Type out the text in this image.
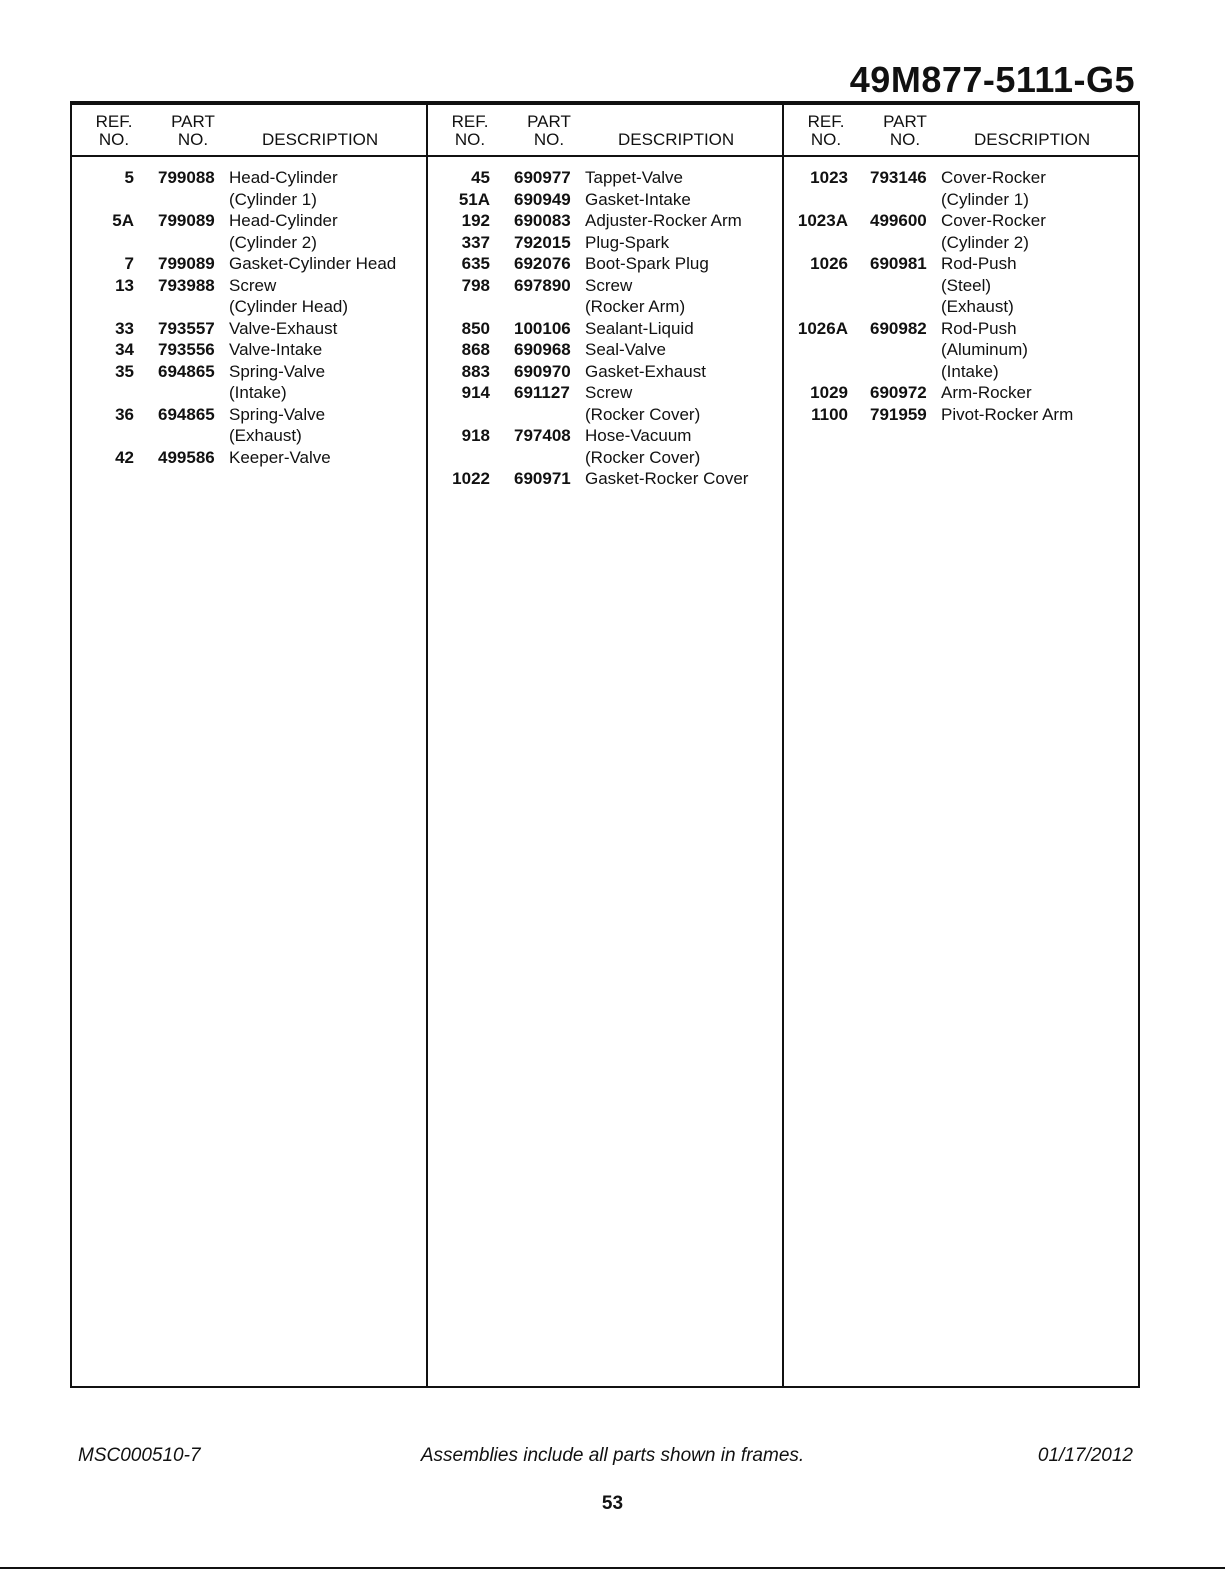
49M877-5111-G5
REF.
NO.
PART
NO.	DESCRIPTION
5 799088 Head-Cylinder
(Cylinder 1)
5A 799089 Head-Cylinder
(Cylinder 2)
7 799089 Gasket-Cylinder Head
13 793988 Screw
(Cylinder Head)
33 793557 Valve-Exhaust
34 793556 Valve-Intake
35 694865 Spring-Valve
(Intake)
36 694865 Spring-Valve
(Exhaust)
42 499586 Keeper-Valve
REF.
NO.
PART
NO.	DESCRIPTION
45 690977 Tappet-Valve
51A 690949 Gasket-Intake
192 690083 Adjuster-Rocker Arm
337 792015 Plug-Spark
635 692076 Boot-Spark Plug
798 697890 Screw
(Rocker Arm)
850 100106 Sealant-Liquid
868 690968 Seal-Valve
883 690970 Gasket-Exhaust
914 691127 Screw
(Rocker Cover)
918 797408 Hose-Vacuum
(Rocker Cover)
1022 690971 Gasket-Rocker Cover
REF.
NO.
PART
NO.	DESCRIPTION
1023 793146 Cover-Rocker
(Cylinder 1)
1023A 499600 Cover-Rocker
(Cylinder 2)
1026 690981 Rod-Push
(Steel)
(Exhaust)
1026A 690982 Rod-Push
(Aluminum)
(Intake)
1029 690972 Arm-Rocker
1100 791959 Pivot-Rocker Arm
MSC000510-7	Assemblies include all parts shown in frames.	01/17/2012
53
